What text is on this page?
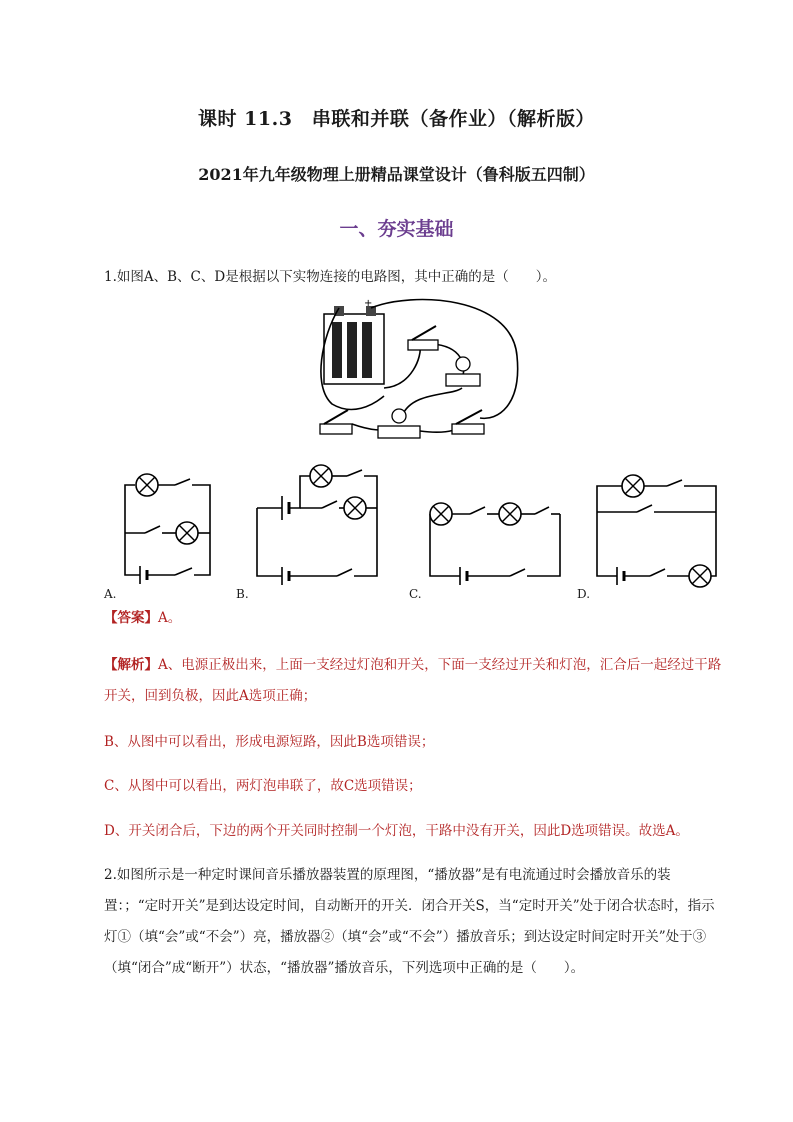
课时 11.3　串联和并联（备作业）（解析版）
2021年九年级物理上册精品课堂设计（鲁科版五四制）
一、夯实基础
1.如图A、B、C、D是根据以下实物连接的电路图，其中正确的是（　　）。
+
A.	B.	C.	D.
【答案】A。
【解析】A、电源正极出来，上面一支经过灯泡和开关，下面一支经过开关和灯泡，汇合后一起经过干路开关，回到负极，因此A选项正确；
B、从图中可以看出，形成电源短路，因此B选项错误；
C、从图中可以看出，两灯泡串联了，故C选项错误；
D、开关闭合后，下边的两个开关同时控制一个灯泡，干路中没有开关，因此D选项错误。故选A。
2.如图所示是一种定时课间音乐播放器装置的原理图，“播放器”是有电流通过时会播放音乐的装置：；“定时开关”是到达设定时间，自动断开的开关．闭合开关S，当“定时开关”处于闭合状态时，指示灯①（填“会”或“不会”）亮，播放器②（填“会”或“不会”）播放音乐；到达设定时间定时开关”处于③（填“闭合”成“断开”）状态，“播放器”播放音乐，下列选项中正确的是（　　）。
